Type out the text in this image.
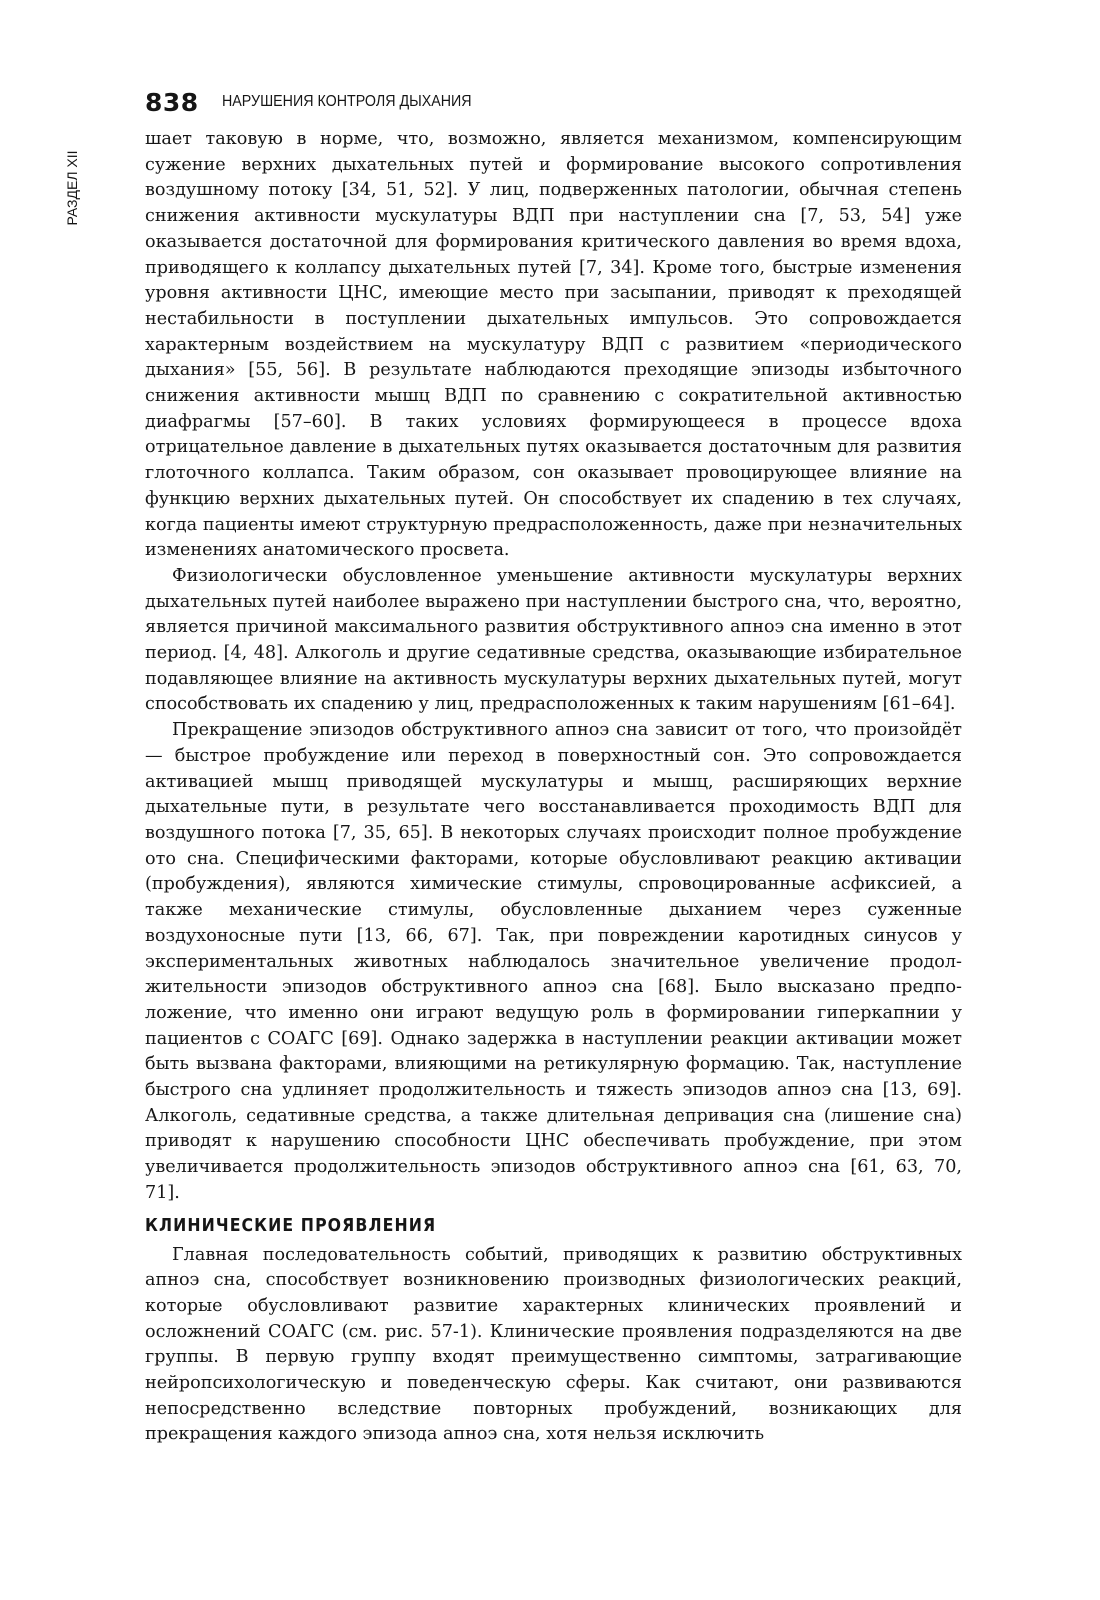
838 НАРУШЕНИЯ КОНТРОЛЯ ДЫХАНИЯ
РАЗДЕЛ XII

шает таковую в норме, что, возможно, является механизмом, компенсирующим сужение верхних дыхательных путей и формирование высокого сопротивления воздушному потоку [34, 51, 52]. У лиц, подверженных патологии, обычная степень снижения активности мускулатуры ВДП при наступлении сна [7, 53, 54] уже оказывается достаточной для формирования критического давления во время вдоха, приводящего к коллапсу дыхательных путей [7, 34]. Кроме того, быстрые изменения уровня активности ЦНС, имеющие место при засыпании, приводят к преходящей нестабильности в поступлении дыхательных импульсов. Это сопровождается характерным воздействием на мускулатуру ВДП с развитием «периодического дыхания» [55, 56]. В результате наблюдаются преходящие эпизоды избыточного снижения активности мышц ВДП по сравнению с сократительной активностью диафрагмы [57–60]. В таких условиях формирующееся в процессе вдоха отрицательное давление в дыхательных путях оказывается достаточным для развития глоточного коллапса. Таким образом, сон оказывает провоцирующее влияние на функцию верхних дыхательных путей. Он способствует их спадению в тех случаях, когда пациенты имеют структурную предрасположенность, даже при незначительных изменениях анатомического просвета.

Физиологически обусловленное уменьшение активности мускулатуры верхних дыхательных путей наиболее выражено при наступлении быстрого сна, что, вероятно, является причиной максимального развития обструктивного апноэ сна именно в этот период. [4, 48]. Алкоголь и другие седативные средства, оказывающие избирательное подавляющее влияние на активность мускулатуры верхних дыхательных путей, могут способствовать их спадению у лиц, предрасположенных к таким нарушениям [61–64].

Прекращение эпизодов обструктивного апноэ сна зависит от того, что произойдёт — быстрое пробуждение или переход в поверхностный сон. Это сопровождается активацией мышц приводящей мускулатуры и мышц, расширяющих верхние дыхательные пути, в результате чего восстанавливается проходимость ВДП для воздушного потока [7, 35, 65]. В некоторых случаях происходит полное пробуждение ото сна. Специфическими факторами, которые обусловливают реакцию активации (пробуждения), являются химические стимулы, спровоцированные асфиксией, а также механические стимулы, обусловленные дыханием через суженные воздухоносные пути [13, 66, 67]. Так, при повреждении каротидных синусов у экспериментальных животных наблюдалось значительное увеличение продолжительности эпизодов обструктивного апноэ сна [68]. Было высказано предположение, что именно они играют ведущую роль в формировании гиперкапнии у пациентов с СОАГС [69]. Однако задержка в наступлении реакции активации может быть вызвана факторами, влияющими на ретикулярную формацию. Так, наступление быстрого сна удлиняет продолжительность и тяжесть эпизодов апноэ сна [13, 69]. Алкоголь, седативные средства, а также длительная депривация сна (лишение сна) приводят к нарушению способности ЦНС обеспечивать пробуждение, при этом увеличивается продолжительность эпизодов обструктивного апноэ сна [61, 63, 70, 71].

КЛИНИЧЕСКИЕ ПРОЯВЛЕНИЯ

Главная последовательность событий, приводящих к развитию обструктивных апноэ сна, способствует возникновению производных физиологических реакций, которые обусловливают развитие характерных клинических проявлений и осложнений СОАГС (см. рис. 57-1). Клинические проявления подразделяются на две группы. В первую группу входят преимущественно симптомы, затрагивающие нейропсихологическую и поведенческую сферы. Как считают, они развиваются непосредственно вследствие повторных пробуждений, возникающих для прекращения каждого эпизода апноэ сна, хотя нельзя исключить
